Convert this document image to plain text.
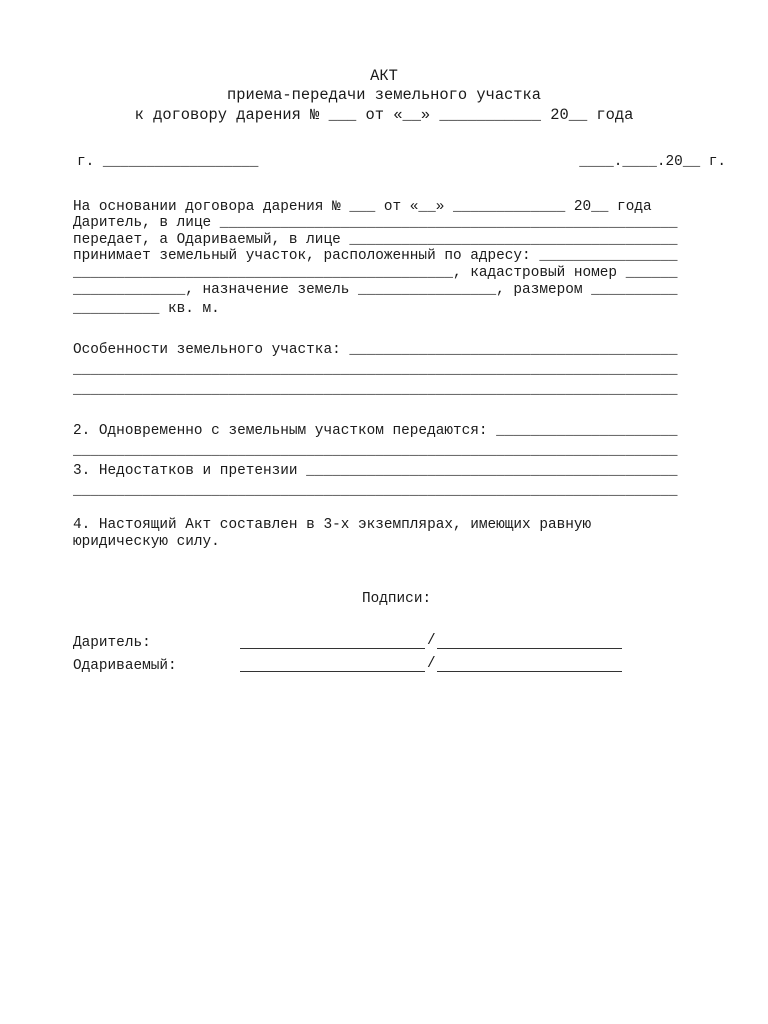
АКТ
приема-передачи земельного участка
к договору дарения № ___ от «__» ___________ 20__ года
г. __________________	____.____.20__ г.
На основании договора дарения № ___ от «__» _____________ 20__ года
Даритель, в лице _____________________________________________________
передает, а Одариваемый, в лице ______________________________________
принимает земельный участок, расположенный по адресу: ________________
____________________________________________, кадастровый номер ______
_____________, назначение земель ________________, размером __________
__________ кв. м.
Особенности земельного участка: ______________________________________
______________________________________________________________________
______________________________________________________________________
2. Одновременно с земельным участком передаются: _____________________
______________________________________________________________________
3. Недостатков и претензии ___________________________________________
______________________________________________________________________
4. Настоящий Акт составлен в 3-х экземплярах, имеющих равную
юридическую силу.
Подписи:
Даритель:	/
Одариваемый:	/
